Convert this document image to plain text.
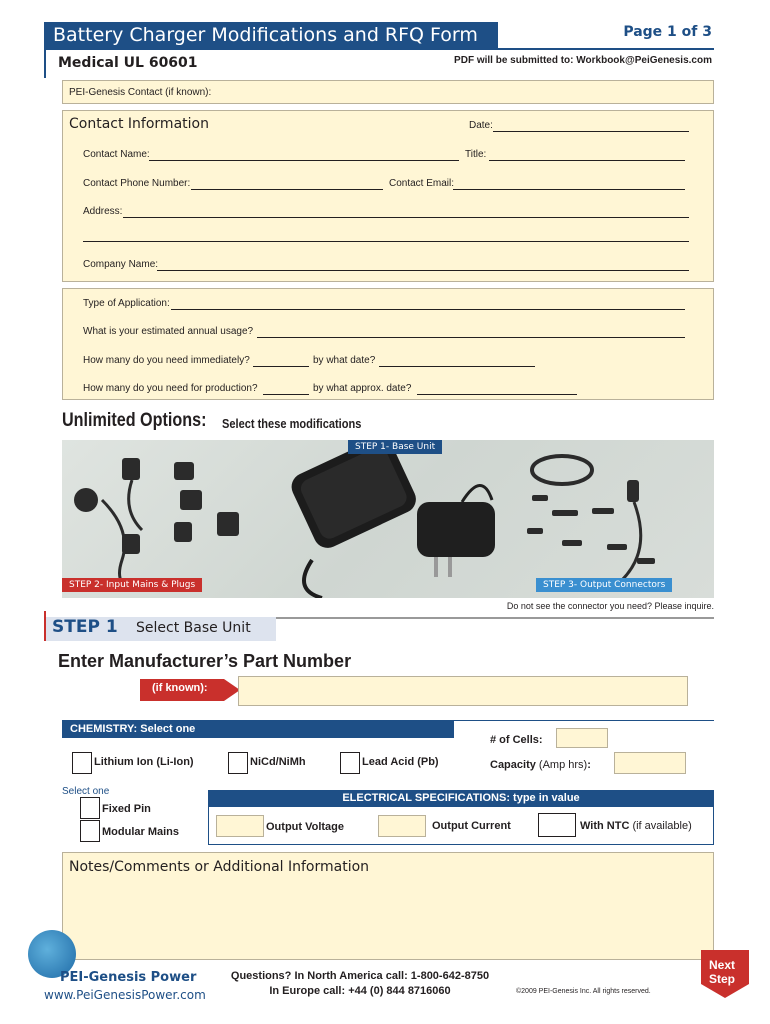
Battery Charger Modifications and RFQ Form	Page 1 of 3
Medical UL 60601	PDF will be submitted to: Workbook@PeiGenesis.com
PEI-Genesis Contact (if known):
Contact Information	Date:
Contact Name:	Title:
Contact Phone Number:	Contact Email:
Address:
Company Name:
Type of Application:
What is your estimated annual usage?
How many do you need immediately?	by what date?
How many do you need for production?	by what approx. date?
Unlimited Options: Select these modifications
STEP 1- Base Unit
STEP 2- Input Mains & Plugs	STEP 3- Output Connectors
Do not see the connector you need? Please inquire.
STEP 1 Select Base Unit
Enter Manufacturer’s Part Number
(if known):
CHEMISTRY: Select one
Lithium Ion (Li-Ion)	NiCd/NiMh	Lead Acid (Pb)
# of Cells:
Capacity (Amp hrs):
Select one
Fixed Pin
Modular Mains
ELECTRICAL SPECIFICATIONS: type in value
Output Voltage	Output Current	With NTC (if available)
Notes/Comments or Additional Information
PEI-Genesis Power
www.PeiGenesisPower.com
Questions? In North America call: 1-800-642-8750
In Europe call: +44 (0) 844 8716060	©2009 PEI-Genesis Inc. All rights reserved.
Next
Step
